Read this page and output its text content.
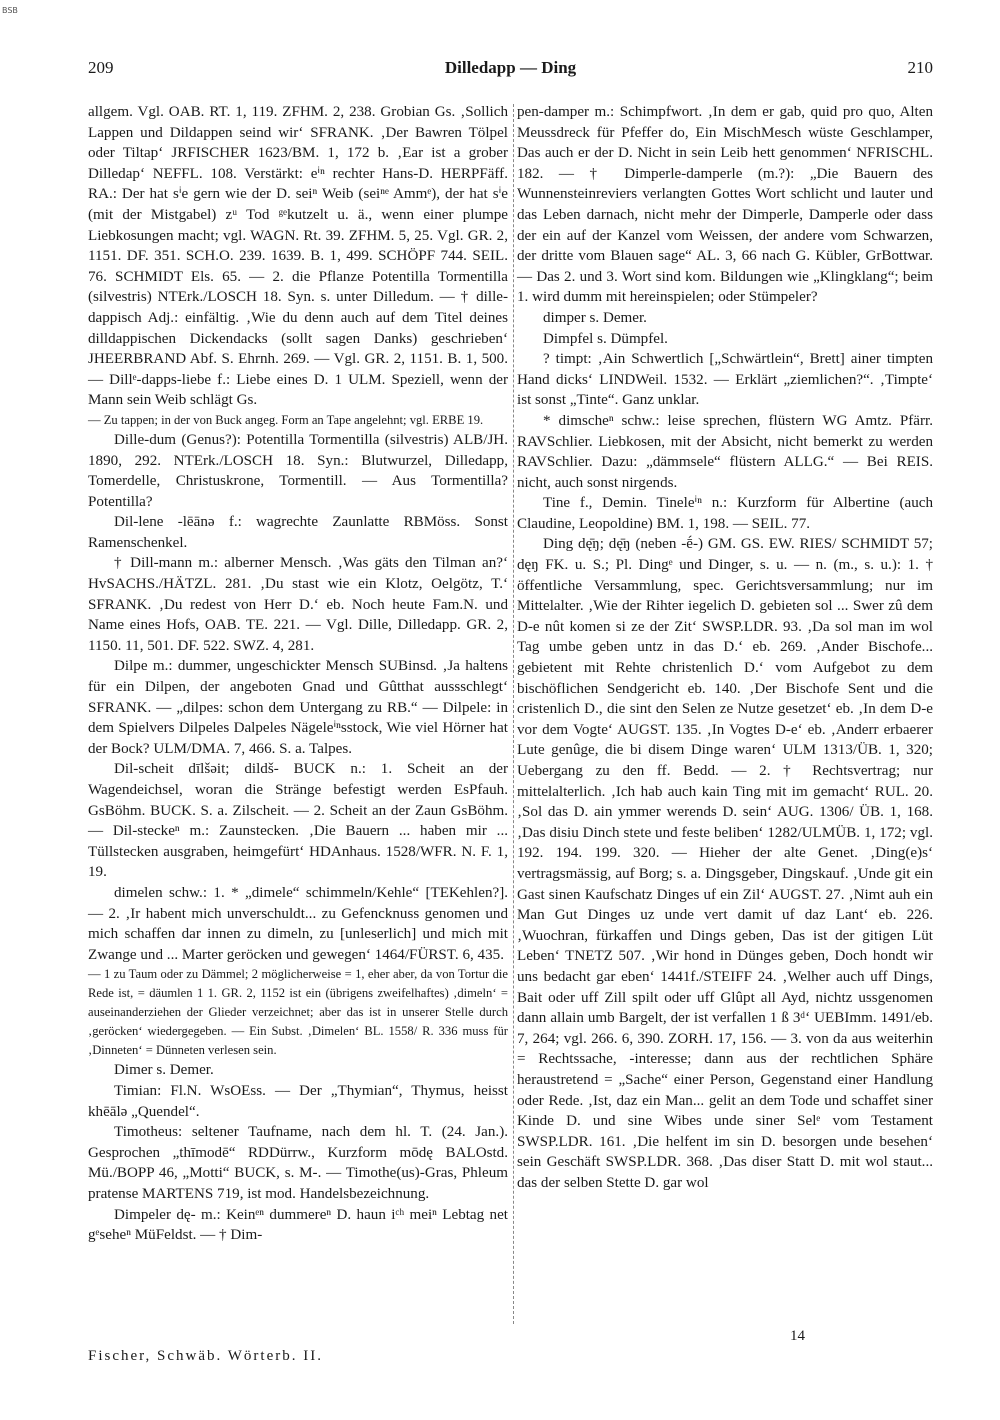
BSB
209	Dilledapp — Ding	210

allgem. Vgl. OAB. RT. 1, 119. ZFHM. 2, 238. Grobian Gs. ‚Sollich Lappen und Dildappen seind wir‘ SFRANK. ‚Der Bawren Tölpel oder Tiltap‘ JRFISCHER 1623/BM. 1, 172 b. ‚Ear ist a grober Dilledap‘ NEFFL. 108. Verstärkt: eⁱⁿ rechter Hans-D. HERPFäff. RA.: Der hat sⁱe gern wie der D. seiⁿ Weib (seiⁿᵉ Ammᵉ), der hat sⁱe (mit der Mistgabel) zᵘ Tod ᵍᵉkutzelt u. ä., wenn einer plumpe Liebkosungen macht; vgl. WAGN. Rt. 39. ZFHM. 5, 25. Vgl. GR. 2, 1151. DF. 351. SCH.O. 239. 1639. B. 1, 499. SCHÖPF 744. SEIL. 76. SCHMIDT Els. 65. — 2. die Pflanze Potentilla Tormentilla (silvestris) NTErk./LOSCH 18. Syn. s. unter Dilledum. — † dille-dappisch Adj.: einfältig. ‚Wie du denn auch auf dem Titel deines dilldappischen Dickendacks (sollt sagen Danks) geschrieben‘ JHEERBRAND Abf. S. Ehrnh. 269. — Vgl. GR. 2, 1151. B. 1, 500. — Dillᵉ-dapps-liebe f.: Liebe eines D. 1 ULM. Speziell, wenn der Mann sein Weib schlägt Gs.

— Zu tappen; in der von Buck angeg. Form an Tape angelehnt; vgl. ERBE 19.

Dille-dum (Genus?): Potentilla Tormentilla (silvestris) ALB/JH. 1890, 292. NTErk./LOSCH 18. Syn.: Blutwurzel, Dilledapp, Tomerdelle, Christuskrone, Tormentill. — Aus Tormentilla? Potentilla?

Dil-lene -lēānə f.: wagrechte Zaunlatte RBMöss. Sonst Ramenschenkel.

† Dill-mann m.: alberner Mensch. ‚Was gäts den Tilman an?‘ HvSACHS./HÄTZL. 281. ‚Du stast wie ein Klotz, Oelgötz, T.‘ SFRANK. ‚Du redest von Herr D.‘ eb. Noch heute Fam.N. und Name eines Hofs, OAB. TE. 221. — Vgl. Dille, Dilledapp. GR. 2, 1150. 11, 501. DF. 522. SWZ. 4, 281.

Dilpe m.: dummer, ungeschickter Mensch SUBinsd. ‚Ja haltens für ein Dilpen, der angeboten Gnad und Gûtthat aussschlegt‘ SFRANK. — „dilpes: schon dem Untergang zu RB.“ — Dilpele: in dem Spielvers Dilpeles Dalpeles Nägeleⁱⁿsstock, Wie viel Hörner hat der Bock? ULM/DMA. 7, 466. S. a. Talpes.

Dil-scheit dīlšəit; dildš- BUCK n.: 1. Scheit an der Wagendeichsel, woran die Stränge befestigt werden EsPfauh. GsBöhm. BUCK. S. a. Zilscheit. — 2. Scheit an der Zaun GsBöhm. — Dil-steckeⁿ m.: Zaunstecken. ‚Die Bauern ... haben mir ... Tüllstecken ausgraben, heimgefürt‘ HDAnhaus. 1528/WFR. N. F. 1, 19.

dimelen schw.: 1. * „dimele“ schimmeln/Kehle“ [TEKehlen?]. — 2. ‚Ir habent mich unverschuldt... zu Gefencknuss genomen und mich schaffen dar innen zu dimeln, zu [unleserlich] und mich mit Zwange und ... Marter geröcken und gewegen‘ 1464/FÜRST. 6, 435.

— 1 zu Taum oder zu Dämmel; 2 möglicherweise = 1, eher aber, da von Tortur die Rede ist, = däumlen 1 1. GR. 2, 1152 ist ein (übrigens zweifelhaftes) ‚dimeln‘ = auseinanderziehen der Glieder verzeichnet; aber das ist in unserer Stelle durch ‚geröcken‘ wiedergegeben. — Ein Subst. ‚Dimelen‘ BL. 1558/ R. 336 muss für ‚Dinneten‘ = Dünneten verlesen sein.

Dimer s. Demer.

Timian: Fl.N. WsOEss. — Der „Thymian“, Thymus, heisst khēālə „Quendel“.

Timotheus: seltener Taufname, nach dem hl. T. (24. Jan.). Gesprochen „thīmodē“ RDDürrw., Kurzform mōdę BALOstd. Mü./BOPP 46, „Motti“ BUCK, s. M-. — Timothe(us)-Gras, Phleum pratense MARTENS 719, ist mod. Handelsbezeichnung.

Dimpeler dę- m.: Keinᵉⁿ dummereⁿ D. haun iᶜʰ meiⁿ Lebtag net gᵉseheⁿ MüFeldst. — † Dim-

pen-damper m.: Schimpfwort. ‚In dem er gab, quid pro quo, Alten Meussdreck für Pfeffer do, Ein MischMesch wüste Geschlamper, Das auch er der D. Nicht in sein Leib hett genommen‘ NFRISCHL. 182. — † Dimperle-damperle (m.?): „Die Bauern des Wunnensteinreviers verlangten Gottes Wort schlicht und lauter und das Leben darnach, nicht mehr der Dimperle, Damperle oder dass der ein auf der Kanzel vom Weissen, der andere vom Schwarzen, der dritte vom Blauen sage“ AL. 3, 66 nach G. Kübler, GrBottwar. — Das 2. und 3. Wort sind kom. Bildungen wie „Klingklang“; beim 1. wird dumm mit hereinspielen; oder Stümpeler?

dimper s. Demer.

Dimpfel s. Dümpfel.

? timpt: ‚Ain Schwertlich [„Schwärtlein“, Brett] ainer timpten Hand dicks‘ LINDWeil. 1532. — Erklärt „ziemlichen?“. ‚Timpte‘ ist sonst „Tinte“. Ganz unklar.

* dimscheⁿ schw.: leise sprechen, flüstern WG Amtz. Pfärr. RAVSchlier. Liebkosen, mit der Absicht, nicht bemerkt zu werden RAVSchlier. Dazu: „dämmsele“ flüstern ALLG.“ — Bei REIS. nicht, auch sonst nirgends.

Tine f., Demin. Tineleⁱⁿ n.: Kurzform für Albertine (auch Claudine, Leopoldine) BM. 1, 198. — SEIL. 77.

Ding dę̄ŋ; dę̄ŋ (neben -ḗ-) GM. GS. EW. RIES/ SCHMIDT 57; dęŋ FK. u. S.; Pl. Dingᵉ und Dinger, s. u. — n. (m., s. u.): 1. † öffentliche Versammlung, spec. Gerichtsversammlung; nur im Mittelalter. ‚Wie der Rihter iegelich D. gebieten sol ... Swer zû dem D-e nût komen si ze der Zit‘ SWSP.LDR. 93. ‚Da sol man im wol Tag umbe geben untz in das D.‘ eb. 269. ‚Ander Bischofe... gebietent mit Rehte christenlich D.‘ vom Aufgebot zu dem bischöflichen Sendgericht eb. 140. ‚Der Bischofe Sent und die cristenlich D., die sint den Selen ze Nutze gesetzet‘ eb. ‚In dem D-e vor dem Vogte‘ AUGST. 135. ‚In Vogtes D-e‘ eb. ‚Anderr erbaerer Lute genûge, die bi disem Dinge waren‘ ULM 1313/ÜB. 1, 320; Uebergang zu den ff. Bedd. — 2. † Rechtsvertrag; nur mittelalterlich. ‚Ich hab auch kain Ting mit im gemacht‘ RUL. 20. ‚Sol das D. ain ymmer werends D. sein‘ AUG. 1306/ ÜB. 1, 168. ‚Das disiu Dinch stete und feste beliben‘ 1282/ULMÜB. 1, 172; vgl. 192. 194. 199. 320. — Hieher der alte Genet. ‚Ding(e)s‘ vertragsmässig, auf Borg; s. a. Dingsgeber, Dingskauf. ‚Unde git ein Gast sinen Kaufschatz Dinges uf ein Zil‘ AUGST. 27. ‚Nimt auh ein Man Gut Dinges uz unde vert damit uf daz Lant‘ eb. 226. ‚Wuochran, fürkaffen und Dings geben, Das ist der gitigen Lüt Leben‘ TNETZ 507. ‚Wir hond in Dünges geben, Doch hondt wir uns bedacht gar eben‘ 1441f./STEIFF 24. ‚Welher auch uff Dings, Bait oder uff Zill spilt oder uff Glûpt all Ayd, nichtz ussgenomen dann allain umb Bargelt, der ist verfallen 1 ß 3ᵈ‘ UEBImm. 1491/eb. 7, 264; vgl. 266. 6, 390. ZORH. 17, 156. — 3. von da aus weiterhin = Rechtssache, -interesse; dann aus der rechtlichen Sphäre heraustretend = „Sache“ einer Person, Gegenstand einer Handlung oder Rede. ‚Ist, daz ein Man... gelit an dem Tode und schaffet siner Kinde D. und sine Wibes unde siner Selᵉ vom Testament SWSP.LDR. 161. ‚Die helfent im sin D. besorgen unde besehen‘ sein Geschäft SWSP.LDR. 368. ‚Das diser Statt D. mit wol staut... das der selben Stette D. gar wol

Fischer, Schwäb. Wörterb. II.
14
